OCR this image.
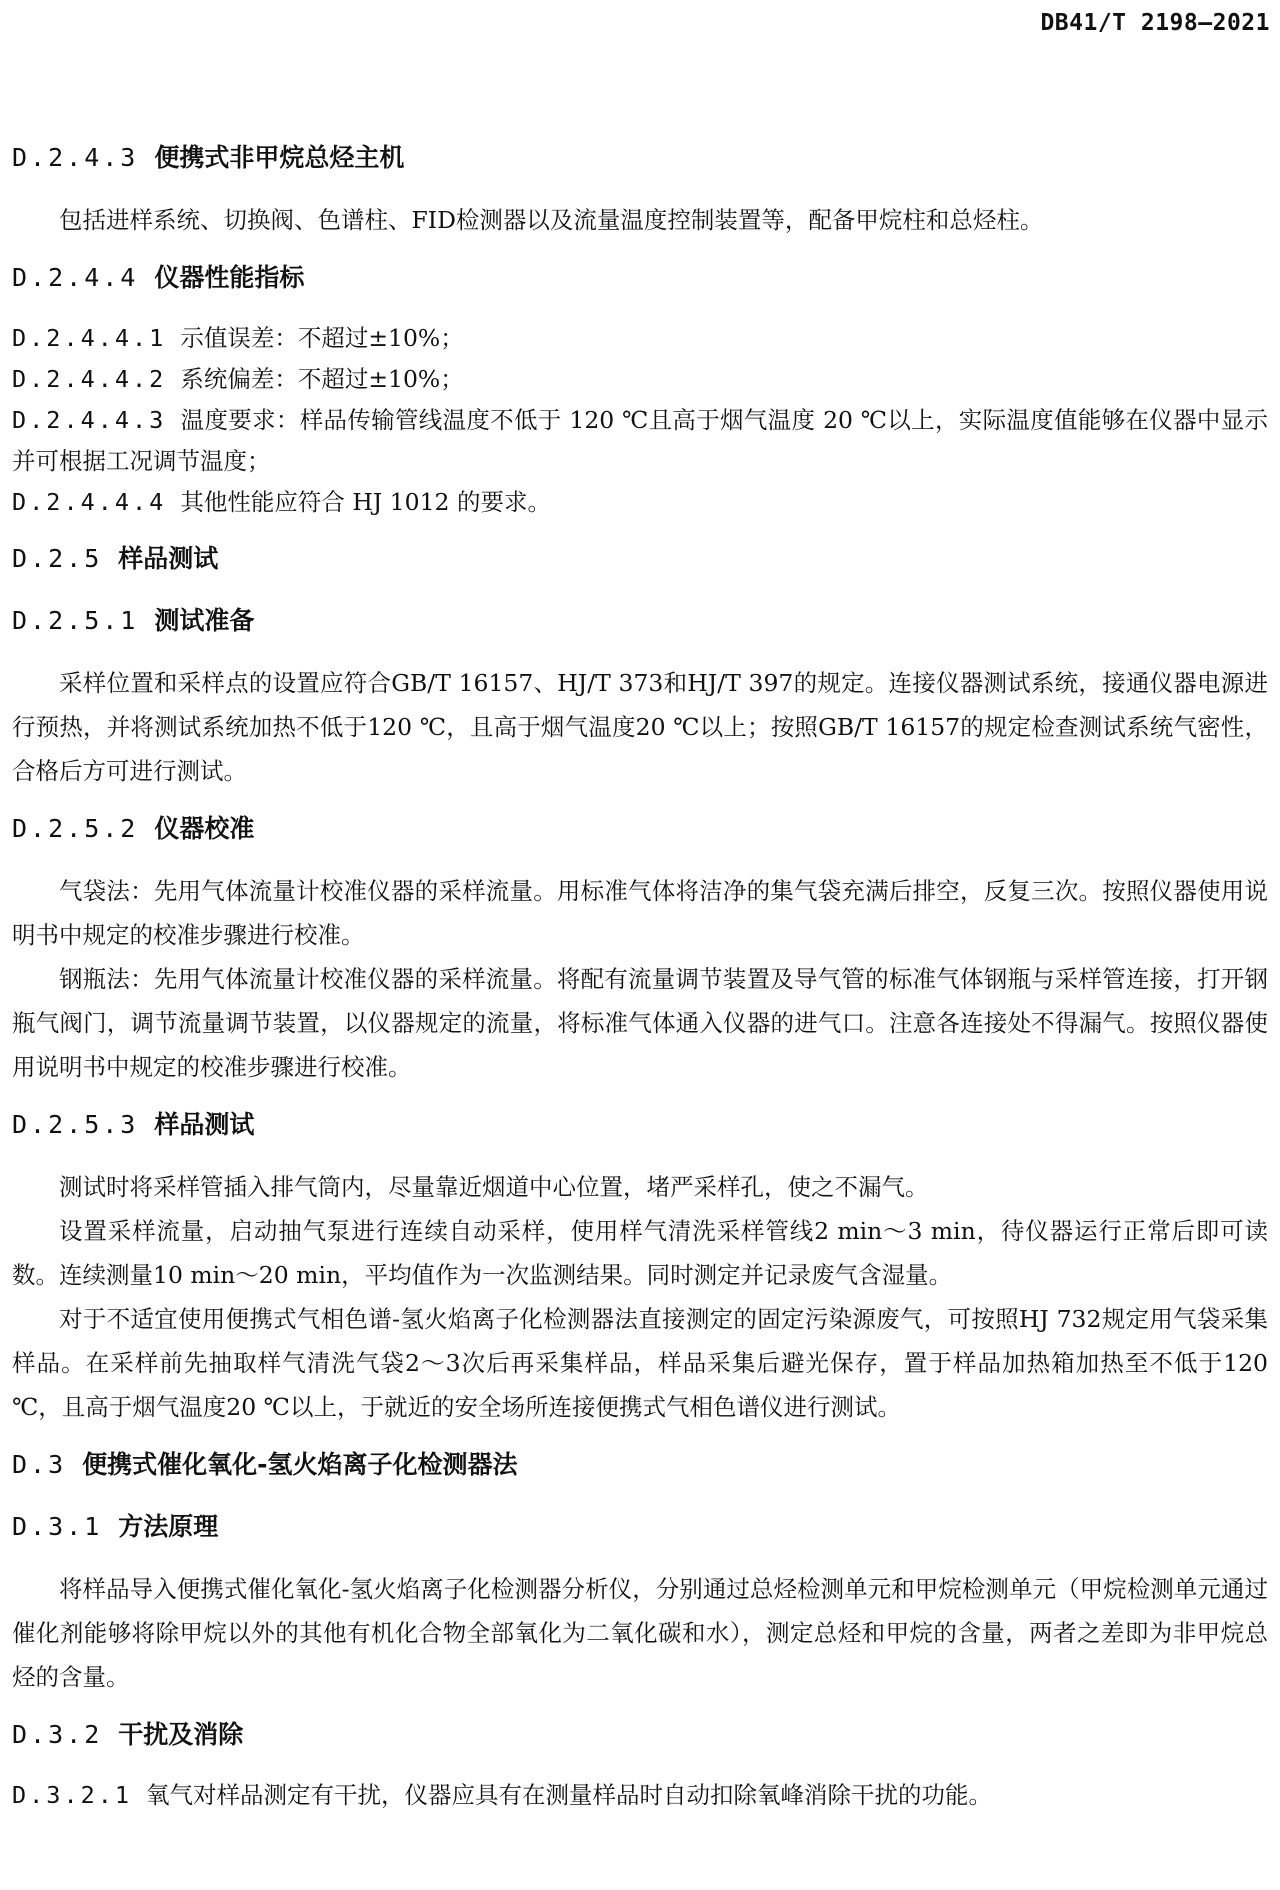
DB41/T 2198—2021
D.2.4.3 便携式非甲烷总烃主机

包括进样系统、切换阀、色谱柱、FID检测器以及流量温度控制装置等，配备甲烷柱和总烃柱。

D.2.4.4 仪器性能指标

D.2.4.4.1 示值误差：不超过±10%；

D.2.4.4.2 系统偏差：不超过±10%；

D.2.4.4.3 温度要求：样品传输管线温度不低于 120 ℃且高于烟气温度 20 ℃以上，实际温度值能够在仪器中显示并可根据工况调节温度；

D.2.4.4.4 其他性能应符合 HJ 1012 的要求。

D.2.5 样品测试
D.2.5.1 测试准备

采样位置和采样点的设置应符合GB/T 16157、HJ/T 373和HJ/T 397的规定。连接仪器测试系统，接通仪器电源进行预热，并将测试系统加热不低于120 ℃，且高于烟气温度20 ℃以上；按照GB/T 16157的规定检查测试系统气密性，合格后方可进行测试。

D.2.5.2 仪器校准

气袋法：先用气体流量计校准仪器的采样流量。用标准气体将洁净的集气袋充满后排空，反复三次。按照仪器使用说明书中规定的校准步骤进行校准。

钢瓶法：先用气体流量计校准仪器的采样流量。将配有流量调节装置及导气管的标准气体钢瓶与采样管连接，打开钢瓶气阀门，调节流量调节装置，以仪器规定的流量，将标准气体通入仪器的进气口。注意各连接处不得漏气。按照仪器使用说明书中规定的校准步骤进行校准。

D.2.5.3 样品测试

测试时将采样管插入排气筒内，尽量靠近烟道中心位置，堵严采样孔，使之不漏气。

设置采样流量，启动抽气泵进行连续自动采样，使用样气清洗采样管线2 min～3 min，待仪器运行正常后即可读数。连续测量10 min～20 min，平均值作为一次监测结果。同时测定并记录废气含湿量。

对于不适宜使用便携式气相色谱-氢火焰离子化检测器法直接测定的固定污染源废气，可按照HJ 732规定用气袋采集样品。在采样前先抽取样气清洗气袋2～3次后再采集样品，样品采集后避光保存，置于样品加热箱加热至不低于120 ℃，且高于烟气温度20 ℃以上，于就近的安全场所连接便携式气相色谱仪进行测试。

D.3 便携式催化氧化-氢火焰离子化检测器法
D.3.1 方法原理

将样品导入便携式催化氧化-氢火焰离子化检测器分析仪，分别通过总烃检测单元和甲烷检测单元（甲烷检测单元通过催化剂能够将除甲烷以外的其他有机化合物全部氧化为二氧化碳和水），测定总烃和甲烷的含量，两者之差即为非甲烷总烃的含量。

D.3.2 干扰及消除

D.3.2.1 氧气对样品测定有干扰，仪器应具有在测量样品时自动扣除氧峰消除干扰的功能。
